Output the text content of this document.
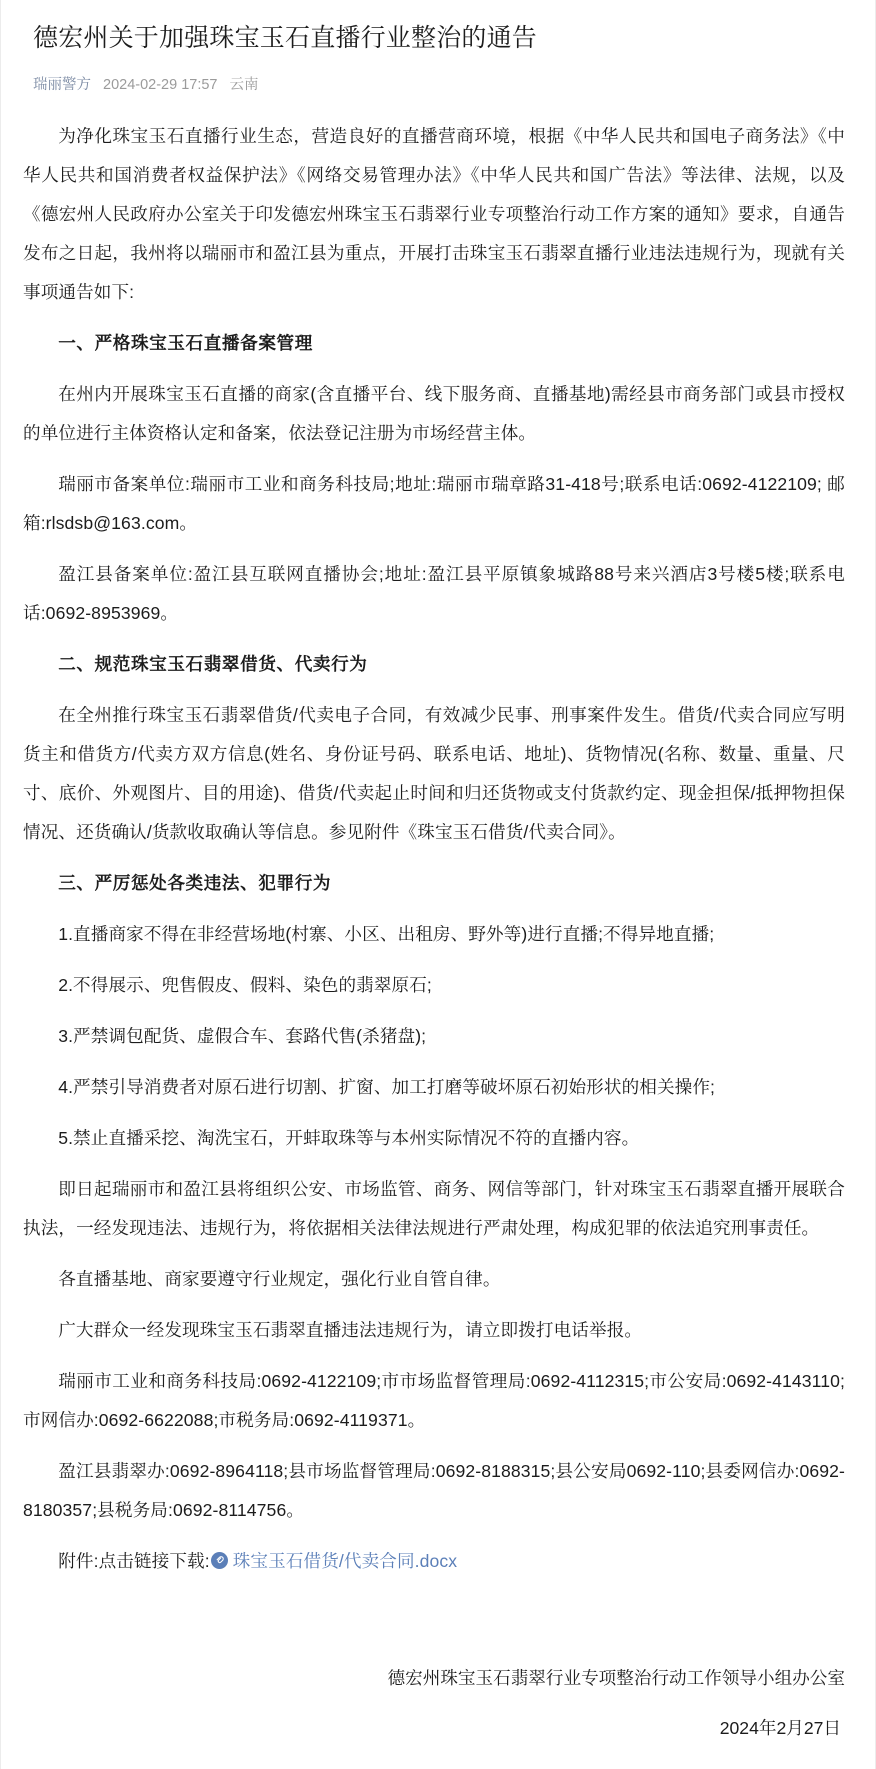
德宏州关于加强珠宝玉石直播行业整治的通告
瑞丽警方 2024-02-29 17:57 云南

为净化珠宝玉石直播行业生态，营造良好的直播营商环境，根据《中华人民共和国电子商务法》《中华人民共和国消费者权益保护法》《网络交易管理办法》《中华人民共和国广告法》等法律、法规，以及《德宏州人民政府办公室关于印发德宏州珠宝玉石翡翠行业专项整治行动工作方案的通知》要求，自通告发布之日起，我州将以瑞丽市和盈江县为重点，开展打击珠宝玉石翡翠直播行业违法违规行为，现就有关事项通告如下:

一、严格珠宝玉石直播备案管理

在州内开展珠宝玉石直播的商家(含直播平台、线下服务商、直播基地)需经县市商务部门或县市授权的单位进行主体资格认定和备案，依法登记注册为市场经营主体。

瑞丽市备案单位:瑞丽市工业和商务科技局;地址:瑞丽市瑞章路31-418号;联系电话:0692-4122109; 邮箱:rlsdsb@163.com。

盈江县备案单位:盈江县互联网直播协会;地址:盈江县平原镇象城路88号来兴酒店3号楼5楼;联系电话:0692-8953969。

二、规范珠宝玉石翡翠借货、代卖行为

在全州推行珠宝玉石翡翠借货/代卖电子合同，有效减少民事、刑事案件发生。借货/代卖合同应写明货主和借货方/代卖方双方信息(姓名、身份证号码、联系电话、地址)、货物情况(名称、数量、重量、尺寸、底价、外观图片、目的用途)、借货/代卖起止时间和归还货物或支付货款约定、现金担保/抵押物担保情况、还货确认/货款收取确认等信息。参见附件《珠宝玉石借货/代卖合同》。

三、严厉惩处各类违法、犯罪行为

1.直播商家不得在非经营场地(村寨、小区、出租房、野外等)进行直播;不得异地直播;

2.不得展示、兜售假皮、假料、染色的翡翠原石;

3.严禁调包配货、虚假合车、套路代售(杀猪盘);

4.严禁引导消费者对原石进行切割、扩窗、加工打磨等破坏原石初始形状的相关操作;

5.禁止直播采挖、淘洗宝石，开蚌取珠等与本州实际情况不符的直播内容。

即日起瑞丽市和盈江县将组织公安、市场监管、商务、网信等部门，针对珠宝玉石翡翠直播开展联合执法，一经发现违法、违规行为，将依据相关法律法规进行严肃处理，构成犯罪的依法追究刑事责任。

各直播基地、商家要遵守行业规定，强化行业自管自律。

广大群众一经发现珠宝玉石翡翠直播违法违规行为，请立即拨打电话举报。

瑞丽市工业和商务科技局:0692-4122109;市市场监督管理局:0692-4112315;市公安局:0692-4143110;市网信办:0692-6622088;市税务局:0692-4119371。

盈江县翡翠办:0692-8964118;县市场监督管理局:0692-8188315;县公安局0692-110;县委网信办:0692-8180357;县税务局:0692-8114756。

附件:点击链接下载: 珠宝玉石借货/代卖合同.docx

德宏州珠宝玉石翡翠行业专项整治行动工作领导小组办公室
2024年2月27日
